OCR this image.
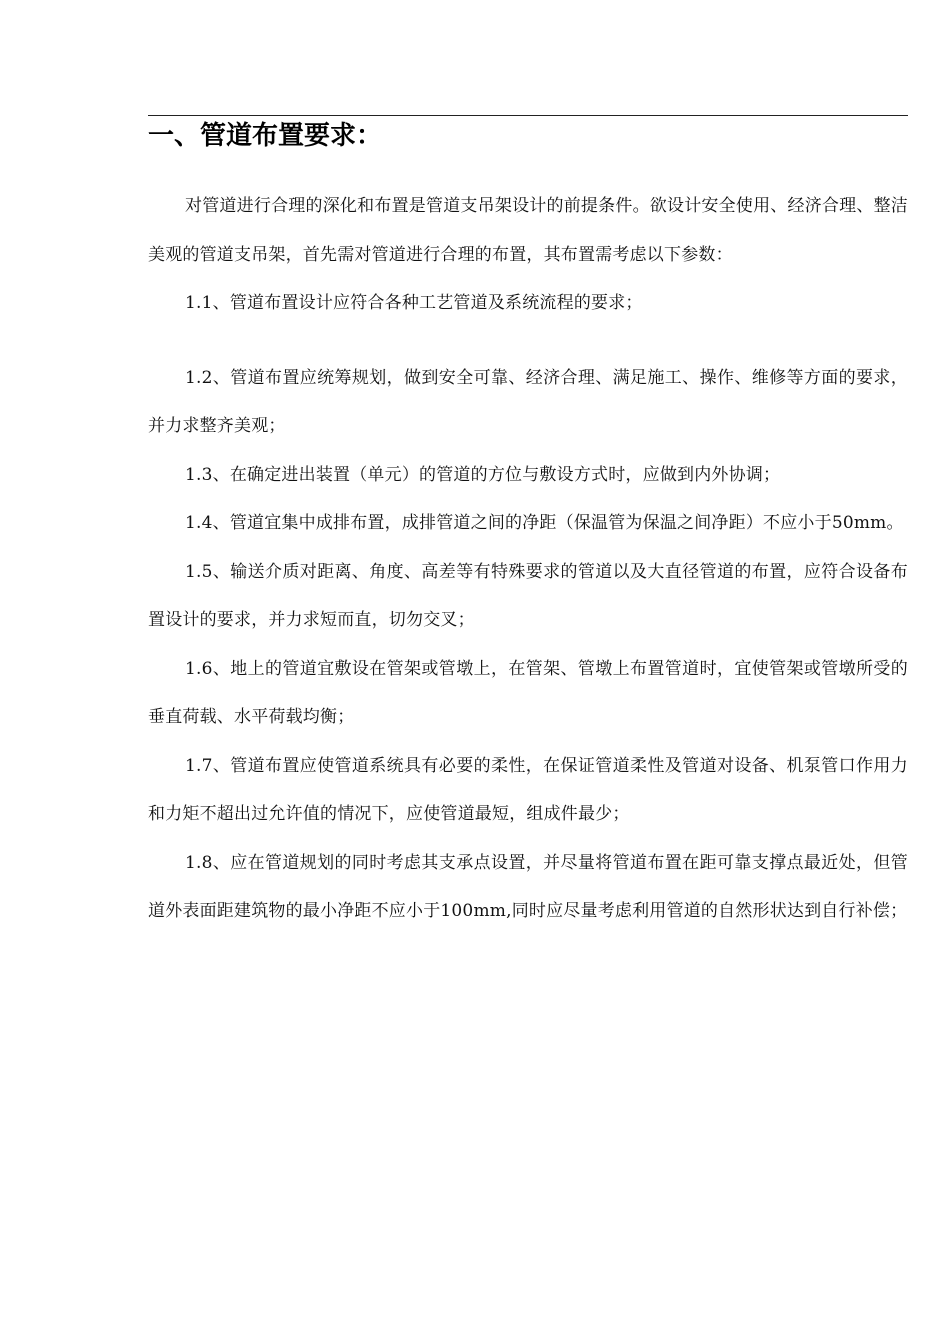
一、管道布置要求：

对管道进行合理的深化和布置是管道支吊架设计的前提条件。欲设计安全使用、经济合理、整洁美观的管道支吊架，首先需对管道进行合理的布置，其布置需考虑以下参数：

1.1、管道布置设计应符合各种工艺管道及系统流程的要求；

1.2、管道布置应统筹规划，做到安全可靠、经济合理、满足施工、操作、维修等方面的要求，并力求整齐美观；

1.3、在确定进出装置（单元）的管道的方位与敷设方式时，应做到内外协调；

1.4、管道宜集中成排布置，成排管道之间的净距（保温管为保温之间净距）不应小于50mm。

1.5、输送介质对距离、角度、高差等有特殊要求的管道以及大直径管道的布置，应符合设备布置设计的要求，并力求短而直，切勿交叉；

1.6、地上的管道宜敷设在管架或管墩上，在管架、管墩上布置管道时，宜使管架或管墩所受的垂直荷载、水平荷载均衡；

1.7、管道布置应使管道系统具有必要的柔性，在保证管道柔性及管道对设备、机泵管口作用力和力矩不超出过允许值的情况下，应使管道最短，组成件最少；

1.8、应在管道规划的同时考虑其支承点设置，并尽量将管道布置在距可靠支撑点最近处，但管道外表面距建筑物的最小净距不应小于100mm,同时应尽量考虑利用管道的自然形状达到自行补偿；
